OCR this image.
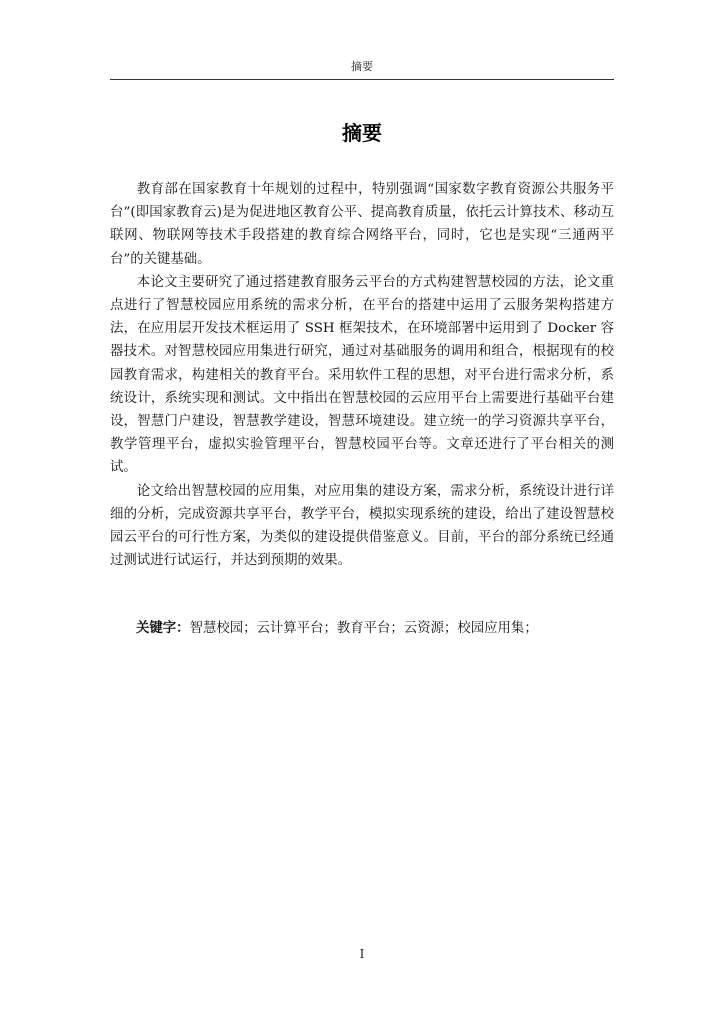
摘要
摘要

教育部在国家教育十年规划的过程中，特别强调“国家数字教育资源公共服务平台”(即国家教育云)是为促进地区教育公平、提高教育质量，依托云计算技术、移动互联网、物联网等技术手段搭建的教育综合网络平台，同时，它也是实现“三通两平台”的关键基础。

本论文主要研究了通过搭建教育服务云平台的方式构建智慧校园的方法，论文重点进行了智慧校园应用系统的需求分析，在平台的搭建中运用了云服务架构搭建方法，在应用层开发技术框运用了 SSH 框架技术，在环境部署中运用到了 Docker 容器技术。对智慧校园应用集进行研究，通过对基础服务的调用和组合，根据现有的校园教育需求，构建相关的教育平台。采用软件工程的思想，对平台进行需求分析，系统设计，系统实现和测试。文中指出在智慧校园的云应用平台上需要进行基础平台建设，智慧门户建设，智慧教学建设，智慧环境建设。建立统一的学习资源共享平台，教学管理平台，虚拟实验管理平台，智慧校园平台等。文章还进行了平台相关的测试。

论文给出智慧校园的应用集，对应用集的建设方案，需求分析，系统设计进行详细的分析，完成资源共享平台，教学平台，模拟实现系统的建设，给出了建设智慧校园云平台的可行性方案，为类似的建设提供借鉴意义。目前，平台的部分系统已经通过测试进行试运行，并达到预期的效果。

关键字：智慧校园；云计算平台；教育平台；云资源；校园应用集；
I
